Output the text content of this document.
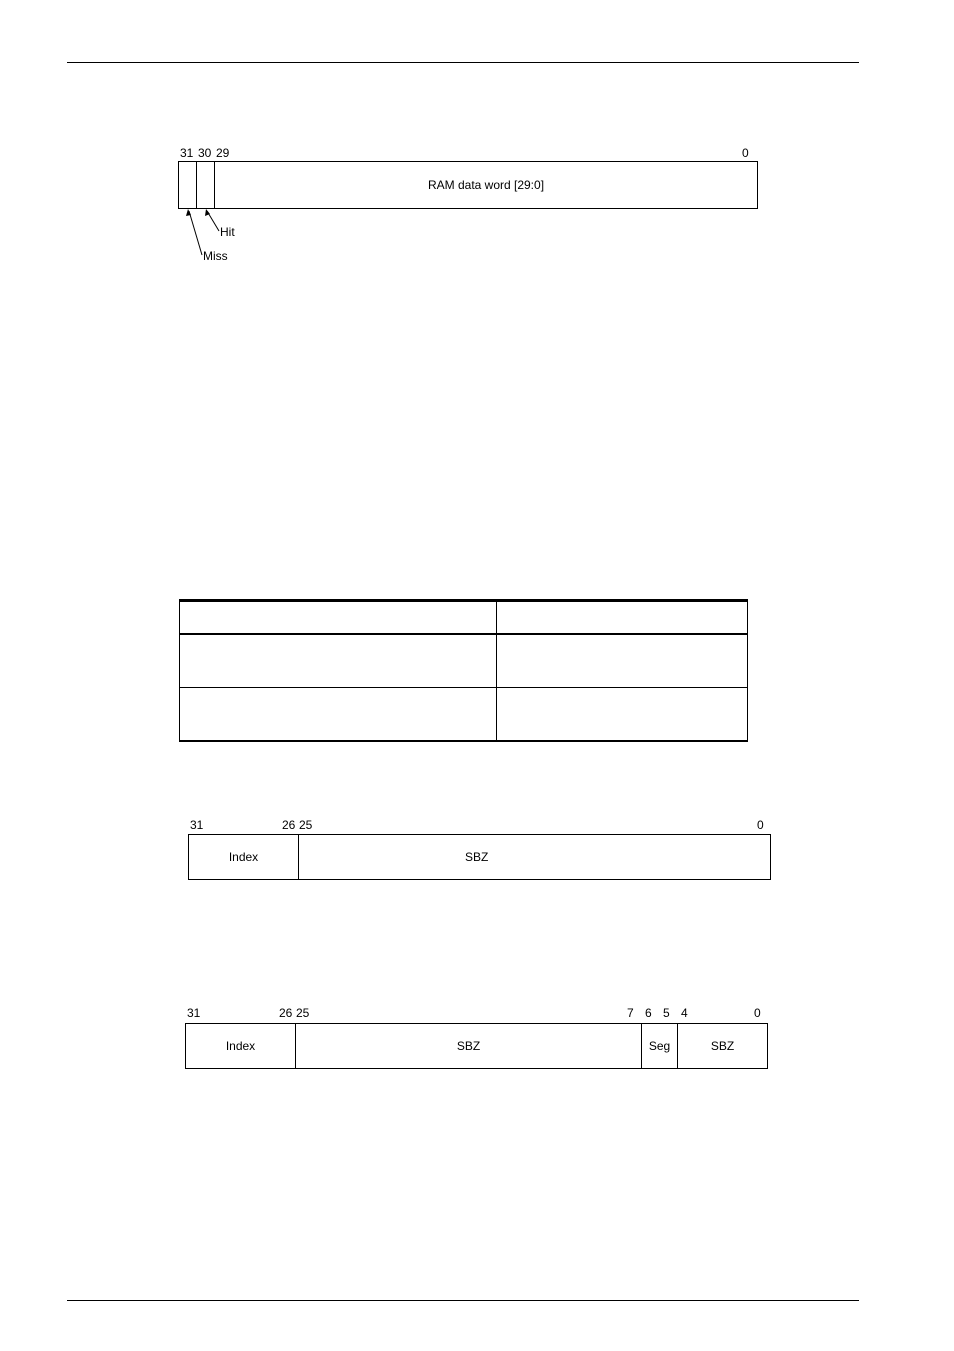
31 30 29	0
RAM data word [29:0]
Hit
Miss

31	26 25	0
Index	SBZ
31	26 25	7 6 5 4	0
Index	SBZ	Seg	SBZ
